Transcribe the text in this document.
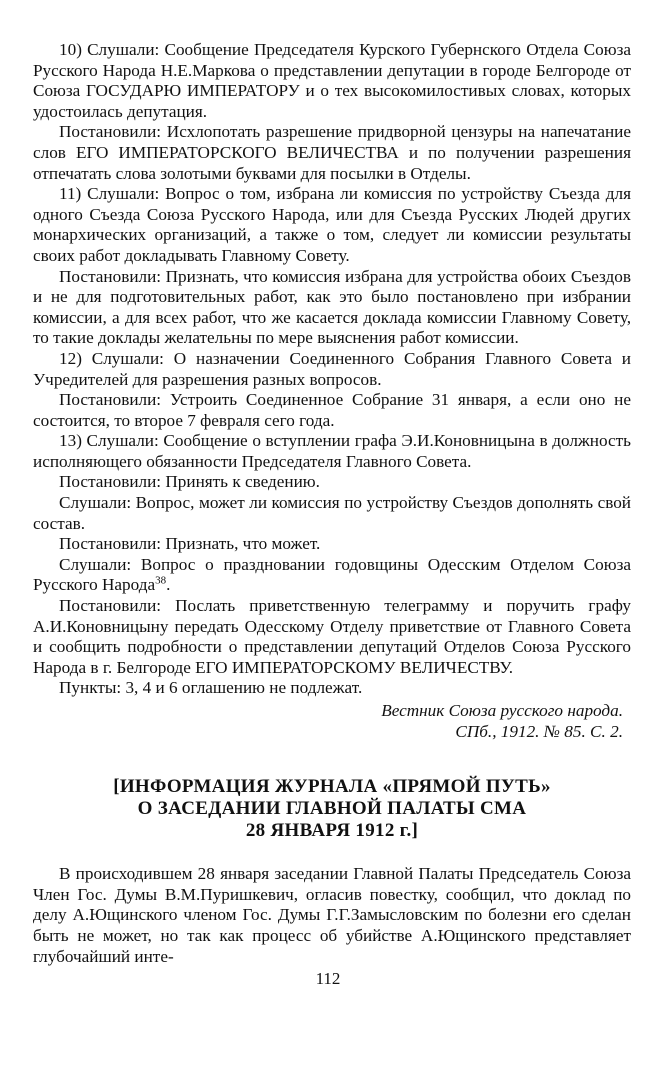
10) Слушали: Сообщение Председателя Курского Губернского Отдела Союза Русского Народа Н.Е.Маркова о представлении депутации в городе Белгороде от Союза ГОСУДАРЮ ИМПЕРАТОРУ и о тех высокомилостивых словах, которых удостоилась депутация.

Постановили: Исхлопотать разрешение придворной цензуры на напечатание слов ЕГО ИМПЕРАТОРСКОГО ВЕЛИЧЕСТВА и по получении разрешения отпечатать слова золотыми буквами для посылки в Отделы.

11) Слушали: Вопрос о том, избрана ли комиссия по устройству Съезда для одного Съезда Союза Русского Народа, или для Съезда Русских Людей других монархических организаций, а также о том, следует ли комиссии результаты своих работ докладывать Главному Совету.

Постановили: Признать, что комиссия избрана для устройства обоих Съездов и не для подготовительных работ, как это было постановлено при избрании комиссии, а для всех работ, что же касается доклада комиссии Главному Совету, то такие доклады желательны по мере выяснения работ комиссии.

12) Слушали: О назначении Соединенного Собрания Главного Совета и Учредителей для разрешения разных вопросов.

Постановили: Устроить Соединенное Собрание 31 января, а если оно не состоится, то второе 7 февраля сего года.

13) Слушали: Сообщение о вступлении графа Э.И.Коновницына в должность исполняющего обязанности Председателя Главного Совета.

Постановили: Принять к сведению.

Слушали: Вопрос, может ли комиссия по устройству Съездов дополнять свой состав.

Постановили: Признать, что может.

Слушали: Вопрос о праздновании годовщины Одесским Отделом Союза Русского Народа$^{38}$.

Постановили: Послать приветственную телеграмму и поручить графу А.И.Коновницыну передать Одесскому Отделу приветствие от Главного Совета и сообщить подробности о представлении депутаций Отделов Союза Русского Народа в г. Белгороде ЕГО ИМПЕРАТОРСКОМУ ВЕЛИЧЕСТВУ.

Пункты: 3, 4 и 6 оглашению не подлежат.

Вестник Союза русского народа.
СПб., 1912. № 85. С. 2.
[ИНФОРМАЦИЯ ЖУРНАЛА «ПРЯМОЙ ПУТЬ»
О ЗАСЕДАНИИ ГЛАВНОЙ ПАЛАТЫ СМА
28 ЯНВАРЯ 1912 г.]

В происходившем 28 января заседании Главной Палаты Председатель Союза Член Гос. Думы В.М.Пуришкевич, огласив повестку, сообщил, что доклад по делу А.Ющинского членом Гос. Думы Г.Г.Замысловским по болезни его сделан быть не может, но так как процесс об убийстве А.Ющинского представляет глубочайший инте-

112
